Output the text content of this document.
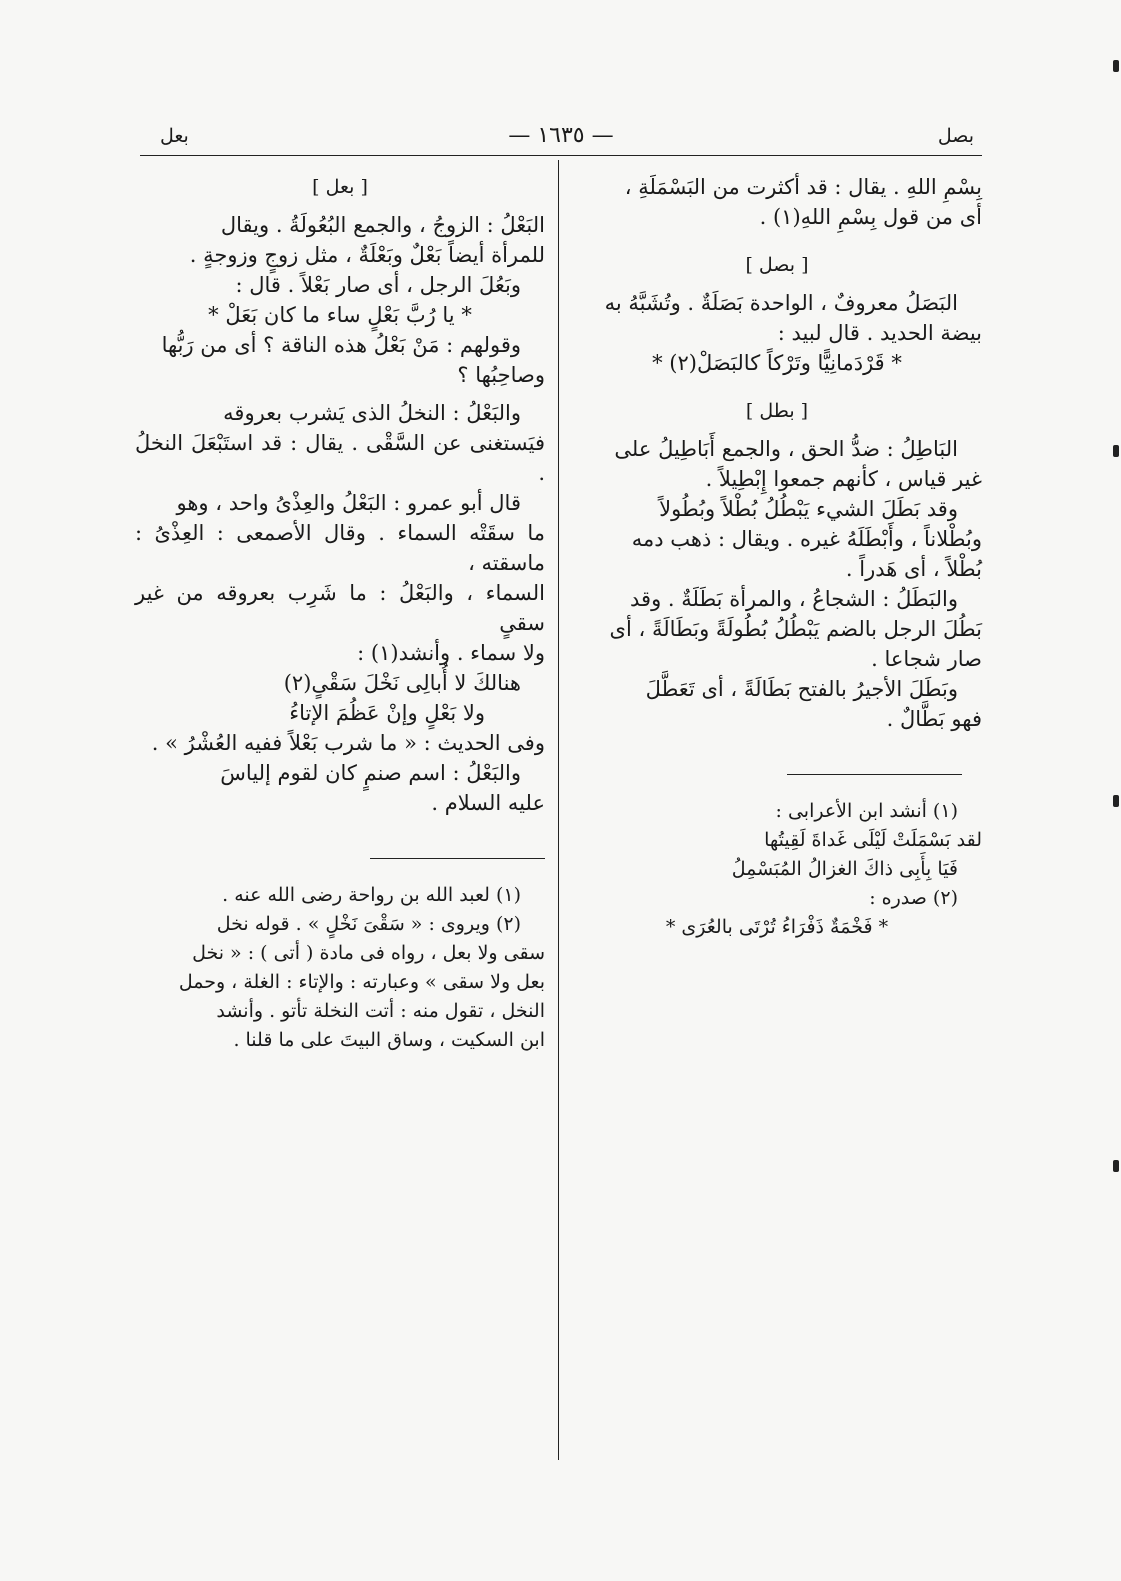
بصل
— ١٦٣٥ —
بعل

بِسْمِ اللهِ . يقال : قد أكثرت من البَسْمَلَةِ ،

أى من قول بِسْمِ اللهِ(١) .

[ بصل ]

البَصَلُ معروفٌ ، الواحدة بَصَلَةٌ . وتُشَبَّهُ به

بيضة الحديد . قال لبيد :

* قَرْدَمانِيًّا وتَرْكاً كالبَصَلْ(٢) *

[ بطل ]

البَاطِلُ : ضدُّ الحق ، والجمع أَبَاطِيلُ على

غير قياس ، كأنهم جمعوا إِبْطِيلاً .

وقد بَطَلَ الشيء يَبْطُلُ بُطْلاً وبُطُولاً

وبُطْلاناً ، وأَبْطَلَهُ غيره . ويقال : ذهب دمه

بُطْلاً ، أى هَدراً .

والبَطَلُ : الشجاعُ ، والمرأة بَطَلَةٌ . وقد

بَطُلَ الرجل بالضم يَبْطُلُ بُطُولَةً وبَطَالَةً ، أى

صار شجاعا .

وبَطَلَ الأجيرُ بالفتح بَطَالَةً ، أى تَعَطَّلَ

فهو بَطَّالٌ .

(١) أنشد ابن الأعرابى :

لقد بَسْمَلَتْ لَيْلَى غَداةَ لَقِيتُها

فَيَا بِأَبِى ذاكَ الغزالُ المُبَسْمِلُ

(٢) صدره :

* فَخْمَةٌ ذَفْرَاءُ تُرْتَى بالعُرَى *

[ بعل ]

البَعْلُ : الزوجُ ، والجمع البُعُولَةُ . ويقال

للمرأة أيضاً بَعْلٌ وبَعْلَةٌ ، مثل زوجٍ وزوجةٍ .

وبَعُلَ الرجل ، أى صار بَعْلاً . قال :

* يا رُبَّ بَعْلٍ ساء ما كان بَعَلْ *

وقولهم : مَنْ بَعْلُ هذه الناقة ؟ أى من رَبُّها

وصاحِبُها ؟

والبَعْلُ : النخلُ الذى يَشرب بعروقه

فيَستغنى عن السَّقْى . يقال : قد استَبْعَلَ النخلُ .

قال أبو عمرو : البَعْلُ والعِذْىُ واحد ، وهو

ما سقَتْه السماء . وقال الأصمعى : العِذْىُ : ماسقته ،

السماء ، والبَعْلُ : ما شَرِب بعروقه من غير سقىٍ

ولا سماء . وأنشد(١) :

هنالكَ لا أُبالِى نَخْلَ سَقْىٍ(٢)

ولا بَعْلٍ وإنْ عَظُمَ الإتاءُ

وفى الحديث : « ما شرب بَعْلاً ففيه العُشْرُ » .

والبَعْلُ : اسم صنمٍ كان لقوم إلياسَ

عليه السلام .

(١) لعبد الله بن رواحة رضى الله عنه .

(٢) ويروى : « سَقْىَ نَخْلٍ » . قوله نخل

سقى ولا بعل ، رواه فى مادة ( أتى ) : « نخل

بعل ولا سقى » وعبارته : والإتاء : الغلة ، وحمل

النخل ، تقول منه : أتت النخلة تأتو . وأنشد

ابن السكيت ، وساق البيتَ على ما قلنا .
